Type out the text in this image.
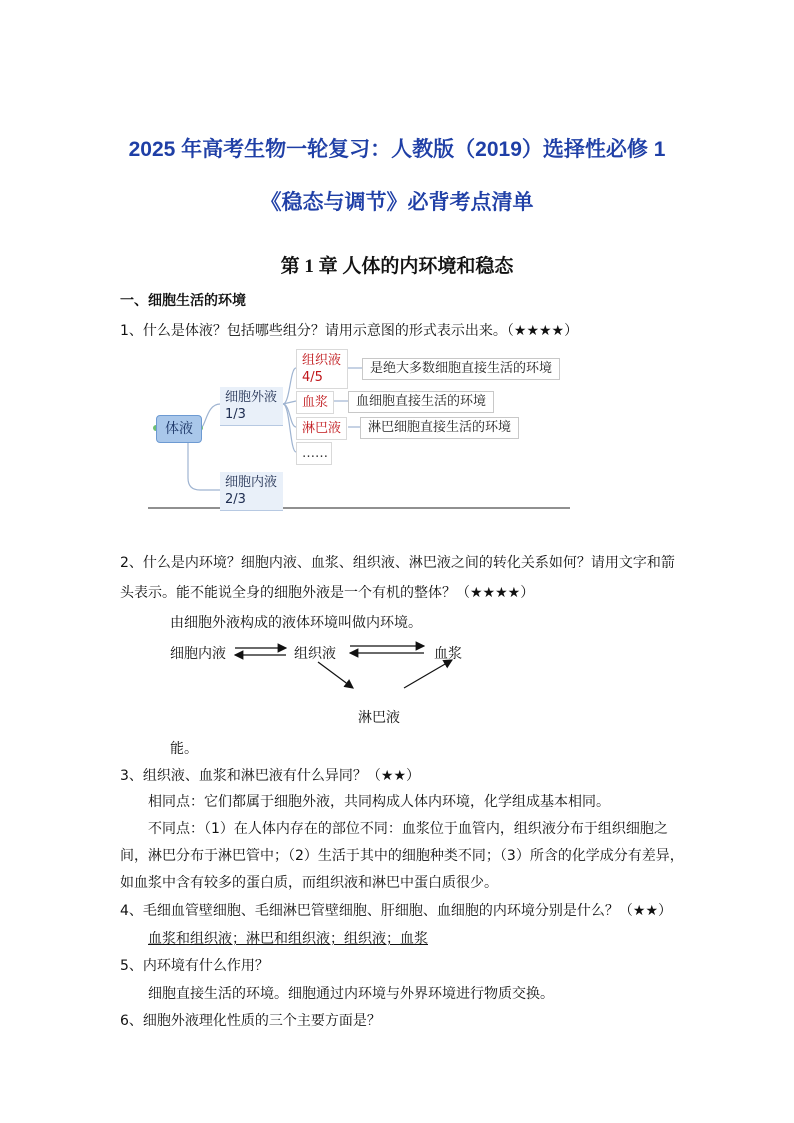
2025 年高考生物一轮复习：人教版（2019）选择性必修 1
《稳态与调节》必背考点清单
第 1 章 人体的内环境和稳态
一、细胞生活的环境
1、什么是体液？包括哪些组分？请用示意图的形式表示出来。（★★★★）
体液
细胞外液
1/3
细胞内液
2/3
组织液
4/5
是绝大多数细胞直接生活的环境
血浆	血细胞直接生活的环境
淋巴液	淋巴细胞直接生活的环境
……
2、什么是内环境？细胞内液、血浆、组织液、淋巴液之间的转化关系如何？请用文字和箭
头表示。能不能说全身的细胞外液是一个有机的整体？（★★★★）
由细胞外液构成的液体环境叫做内环境。
细胞内液	组织液	血浆
淋巴液
能。
3、组织液、血浆和淋巴液有什么异同？（★★）
相同点：它们都属于细胞外液，共同构成人体内环境，化学组成基本相同。
不同点：（1）在人体内存在的部位不同：血浆位于血管内，组织液分布于组织细胞之
间，淋巴分布于淋巴管中；（2）生活于其中的细胞种类不同；（3）所含的化学成分有差异，
如血浆中含有较多的蛋白质，而组织液和淋巴中蛋白质很少。
4、毛细血管壁细胞、毛细淋巴管壁细胞、肝细胞、血细胞的内环境分别是什么？（★★）
血浆和组织液；淋巴和组织液；组织液；血浆
5、内环境有什么作用？
细胞直接生活的环境。细胞通过内环境与外界环境进行物质交换。
6、细胞外液理化性质的三个主要方面是？
